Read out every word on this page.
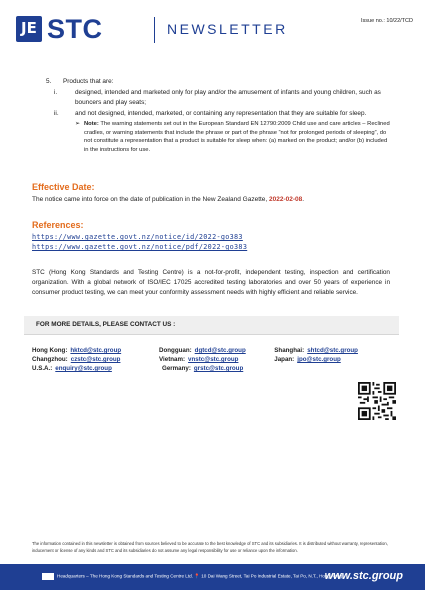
JE STC	NEWSLETTER	Issue no.: 10/22/TCD
5.	Products that are:
i.	designed, intended and marketed only for play and/or the amusement of infants and young children, such as bouncers and play seats;
ii.	and not designed, intended, marketed, or containing any representation that they are suitable for sleep.
➢ Note: The warning statements set out in the European Standard EN 12790:2009 Child use and care articles – Reclined cradles, or warning statements that include the phrase or part of the phrase “not for prolonged periods of sleeping”, do not constitute a representation that a product is suitable for sleep when: (a) marked on the product; and/or (b) included in the instructions for use.
Effective Date:
The notice came into force on the date of publication in the New Zealand Gazette, 2022-02-08.
References:
https://www.gazette.govt.nz/notice/id/2022-go383
https://www.gazette.govt.nz/notice/pdf/2022-go383
STC (Hong Kong Standards and Testing Centre) is a not-for-profit, independent testing, inspection and certification organization. With a global network of ISO/IEC 17025 accredited testing laboratories and over 50 years of experience in consumer product testing, we can meet your conformity assessment needs with highly efficient and reliable service.
FOR MORE DETAILS, PLEASE CONTACT US :
Hong Kong: hktcd@stc.group	Dongguan: dgtcd@stc.group	Shanghai: shtcd@stc.group
Changzhou: czstc@stc.group	Vietnam: vnstc@stc.group	Japan: jpo@stc.group
U.S.A.: enquiry@stc.group	Germany: grstc@stc.group
The information contained in this newsletter is obtained from sources believed to be accurate to the best knowledge of STC and its subsidiaries. It is distributed without warranty, representation, inducement or license of any kinds and STC and its subsidiaries do not assume any legal responsibility for use or reliance upon the information.
Headquarters – The Hong Kong Standards and Testing Centre Ltd. 📍 10 Dai Wang Street, Tai Po Industrial Estate, Tai Po, N.T., Hong Kong
www.stc.group
